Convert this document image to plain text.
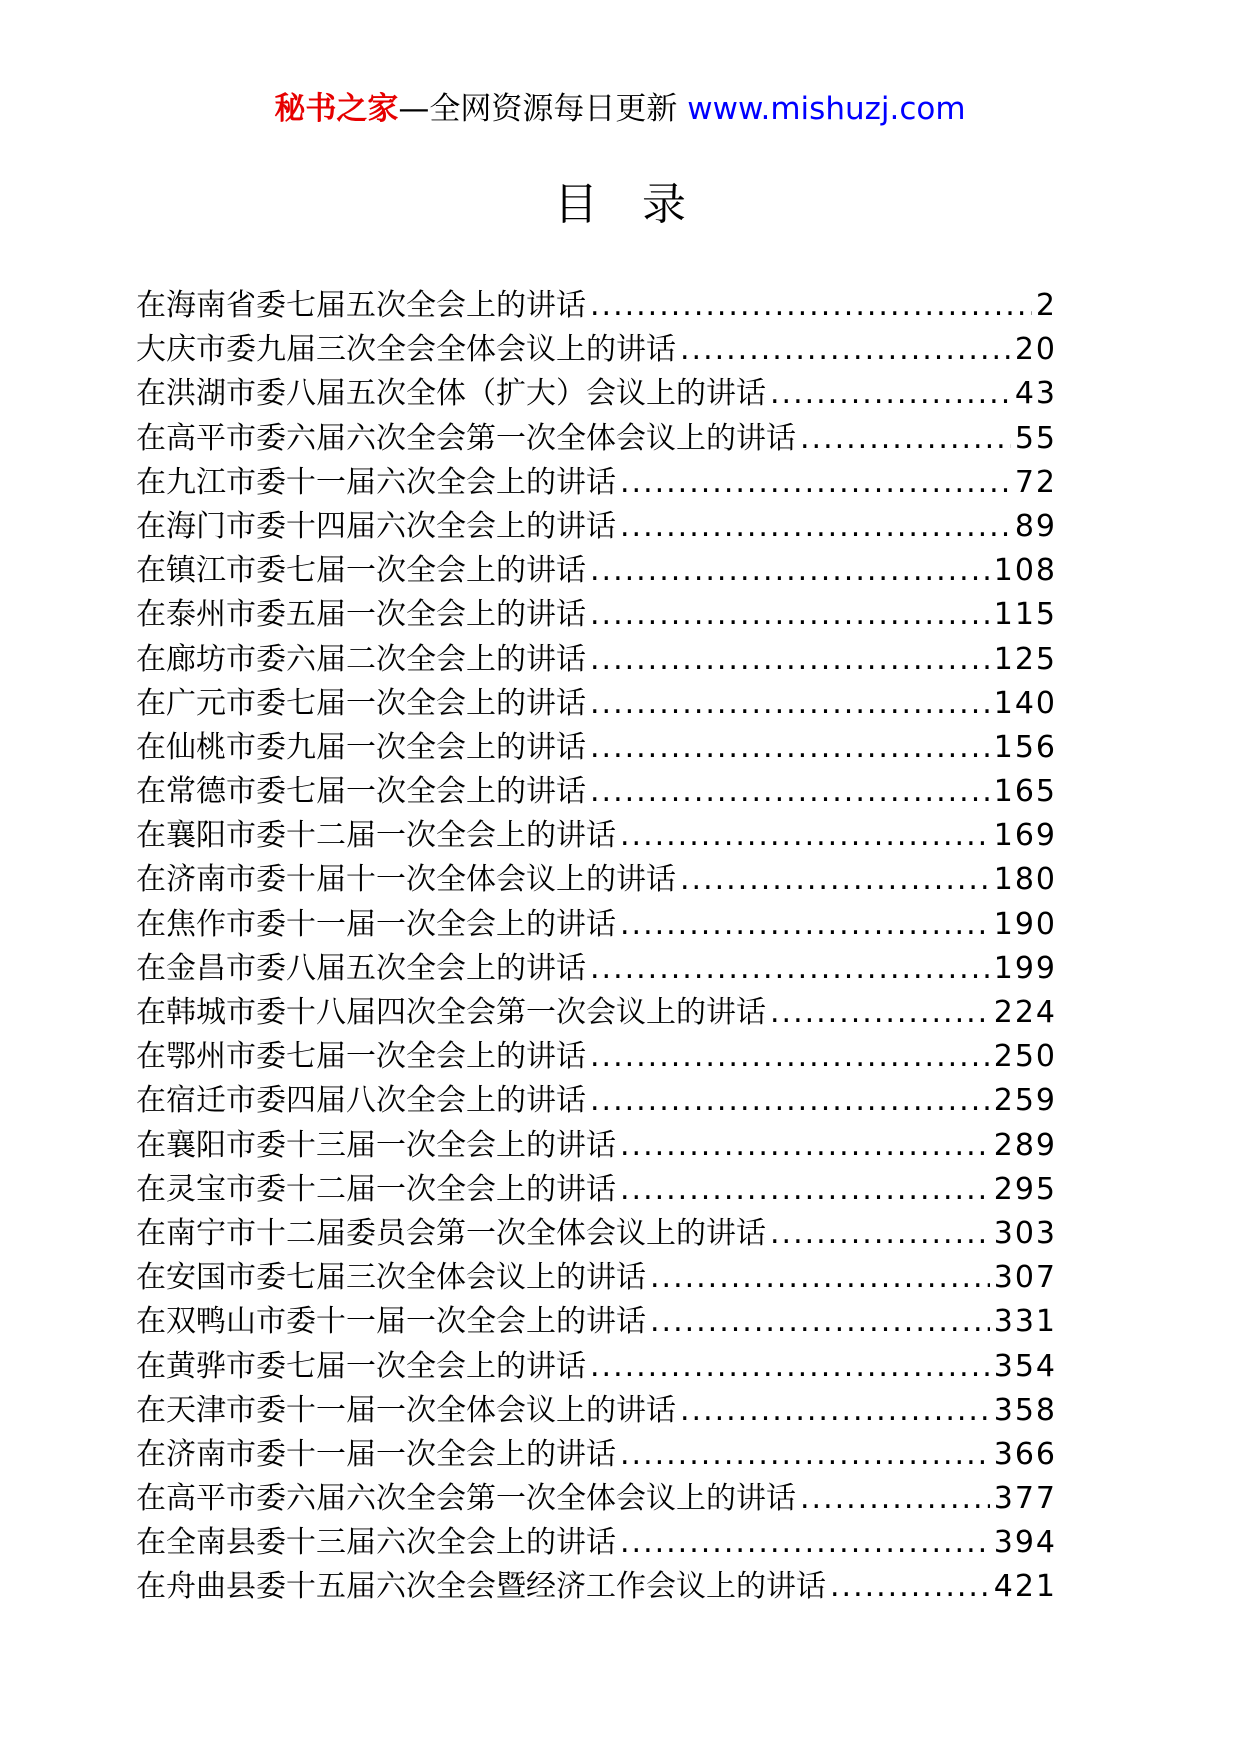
秘书之家—全网资源每日更新 www.mishuzj.com
目　录
在海南省委七届五次全会上的讲话 .....	2
大庆市委九届三次全会全体会议上的讲话 .....	20
在洪湖市委八届五次全体（扩大）会议上的讲话 .....	43
在高平市委六届六次全会第一次全体会议上的讲话 .....	55
在九江市委十一届六次全会上的讲话 .....	72
在海门市委十四届六次全会上的讲话 .....	89
在镇江市委七届一次全会上的讲话 .....	108
在泰州市委五届一次全会上的讲话 .....	115
在廊坊市委六届二次全会上的讲话 .....	125
在广元市委七届一次全会上的讲话 .....	140
在仙桃市委九届一次全会上的讲话 .....	156
在常德市委七届一次全会上的讲话 .....	165
在襄阳市委十二届一次全会上的讲话 .....	169
在济南市委十届十一次全体会议上的讲话 .....	180
在焦作市委十一届一次全会上的讲话 .....	190
在金昌市委八届五次全会上的讲话 .....	199
在韩城市委十八届四次全会第一次会议上的讲话 .....	224
在鄂州市委七届一次全会上的讲话 .....	250
在宿迁市委四届八次全会上的讲话 .....	259
在襄阳市委十三届一次全会上的讲话 .....	289
在灵宝市委十二届一次全会上的讲话 .....	295
在南宁市十二届委员会第一次全体会议上的讲话 .....	303
在安国市委七届三次全体会议上的讲话 .....	307
在双鸭山市委十一届一次全会上的讲话 .....	331
在黄骅市委七届一次全会上的讲话 .....	354
在天津市委十一届一次全体会议上的讲话 .....	358
在济南市委十一届一次全会上的讲话 .....	366
在高平市委六届六次全会第一次全体会议上的讲话 .....	377
在全南县委十三届六次全会上的讲话 .....	394
在舟曲县委十五届六次全会暨经济工作会议上的讲话 .....	421
